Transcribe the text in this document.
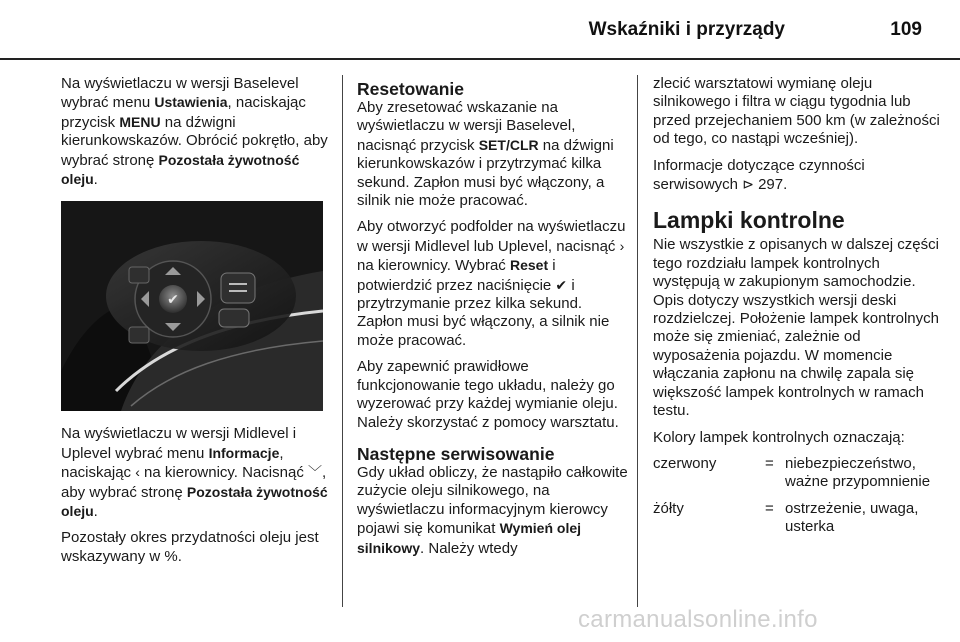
Wskaźniki i przyrządy	109

Na wyświetlaczu w wersji Baselevel wybrać menu Ustawienia, naciskając przycisk MENU na dźwigni kierunkowskazów. Obrócić pokrętło, aby wybrać stronę Pozostała żywotność oleju.

✔

Na wyświetlaczu w wersji Midlevel i Uplevel wybrać menu Informacje, naciskając ‹ na kierownicy. Nacisnąć ﹀, aby wybrać stronę Pozostała żywotność oleju.

Pozostały okres przydatności oleju jest wskazywany w %.

Resetowanie

Aby zresetować wskazanie na wyświetlaczu w wersji Baselevel, nacisnąć przycisk SET/CLR na dźwigni kierunkowskazów i przytrzymać kilka sekund. Zapłon musi być włączony, a silnik nie może pracować.

Aby otworzyć podfolder na wyświetlaczu w wersji Midlevel lub Uplevel, nacisnąć › na kierownicy. Wybrać Reset i potwierdzić przez naciśnięcie ✔ i przytrzymanie przez kilka sekund. Zapłon musi być włączony, a silnik nie może pracować.

Aby zapewnić prawidłowe funkcjonowanie tego układu, należy go wyzerować przy każdej wymianie oleju. Należy skorzystać z pomocy warsztatu.

Następne serwisowanie

Gdy układ obliczy, że nastąpiło całkowite zużycie oleju silnikowego, na wyświetlaczu informacyjnym kierowcy pojawi się komunikat Wymień olej silnikowy. Należy wtedy

zlecić warsztatowi wymianę oleju silnikowego i filtra w ciągu tygodnia lub przed przejechaniem 500 km (w zależności od tego, co nastąpi wcześniej).

Informacje dotyczące czynności serwisowych ⊳ 297.

Lampki kontrolne

Nie wszystkie z opisanych w dalszej części tego rozdziału lampek kontrolnych występują w zakupionym samochodzie. Opis dotyczy wszystkich wersji deski rozdzielczej. Położenie lampek kontrolnych może się zmieniać, zależnie od wyposażenia pojazdu. W momencie włączania zapłonu na chwilę zapala się większość lampek kontrolnych w ramach testu.

Kolory lampek kontrolnych oznaczają:

czerwony	=	niebezpieczeństwo, ważne przypomnienie
żółty	=	ostrzeżenie, uwaga, usterka
carmanualsonline.info
